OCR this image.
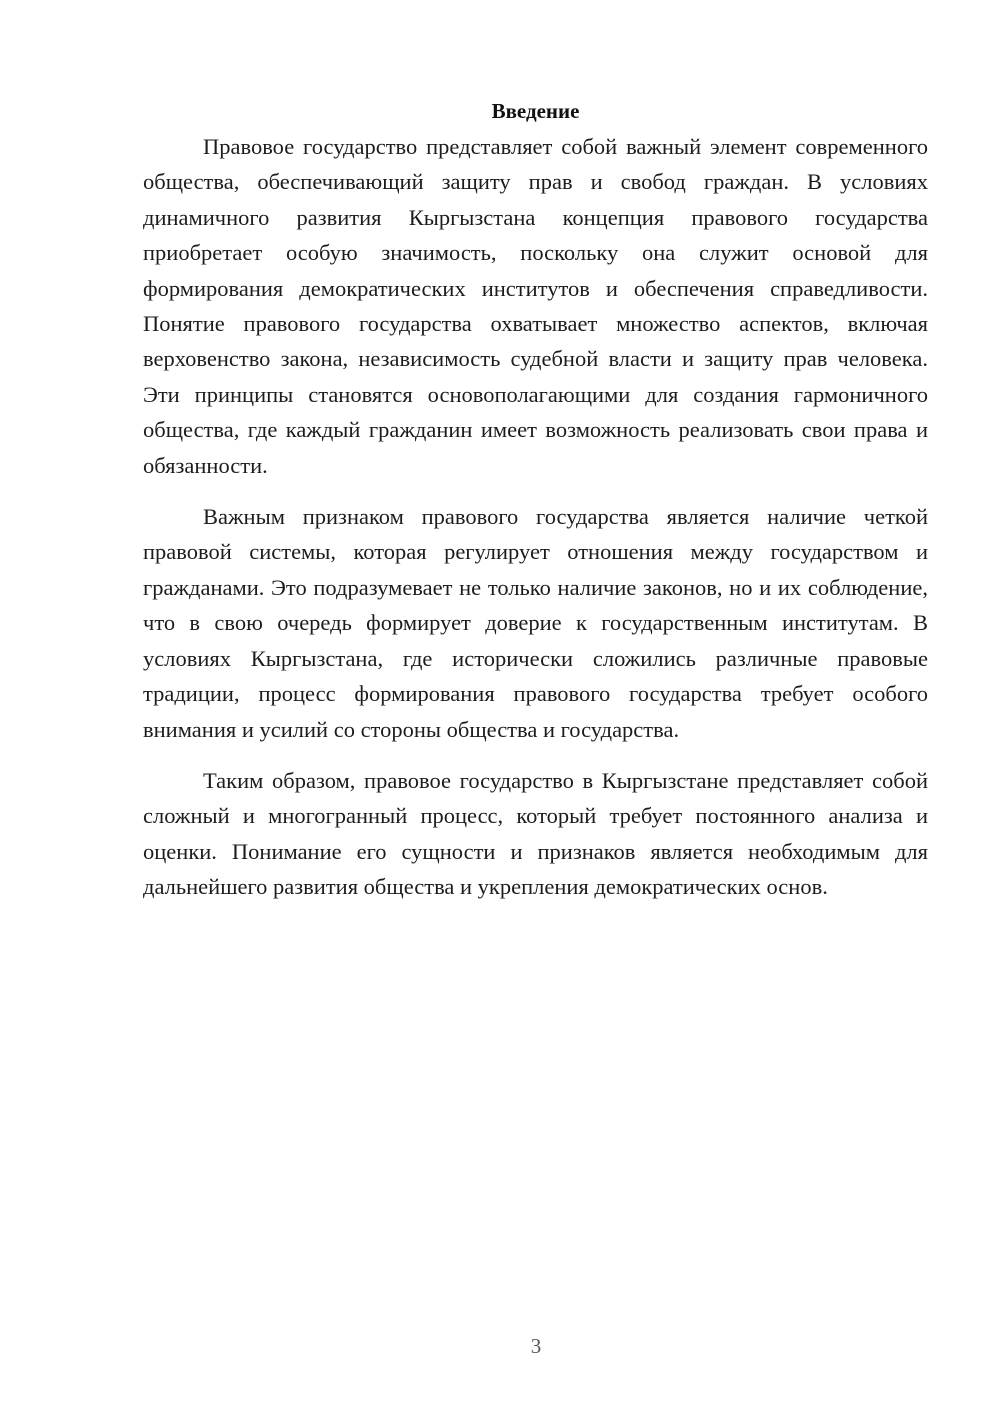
Введение

Правовое государство представляет собой важный элемент современного общества, обеспечивающий защиту прав и свобод граждан. В условиях динамичного развития Кыргызстана концепция правового государства приобретает особую значимость, поскольку она служит основой для формирования демократических институтов и обеспечения справедливости. Понятие правового государства охватывает множество аспектов, включая верховенство закона, независимость судебной власти и защиту прав человека. Эти принципы становятся основополагающими для создания гармоничного общества, где каждый гражданин имеет возможность реализовать свои права и обязанности.

Важным признаком правового государства является наличие четкой правовой системы, которая регулирует отношения между государством и гражданами. Это подразумевает не только наличие законов, но и их соблюдение, что в свою очередь формирует доверие к государственным институтам. В условиях Кыргызстана, где исторически сложились различные правовые традиции, процесс формирования правового государства требует особого внимания и усилий со стороны общества и государства.

Таким образом, правовое государство в Кыргызстане представляет собой сложный и многогранный процесс, который требует постоянного анализа и оценки. Понимание его сущности и признаков является необходимым для дальнейшего развития общества и укрепления демократических основ.

3
